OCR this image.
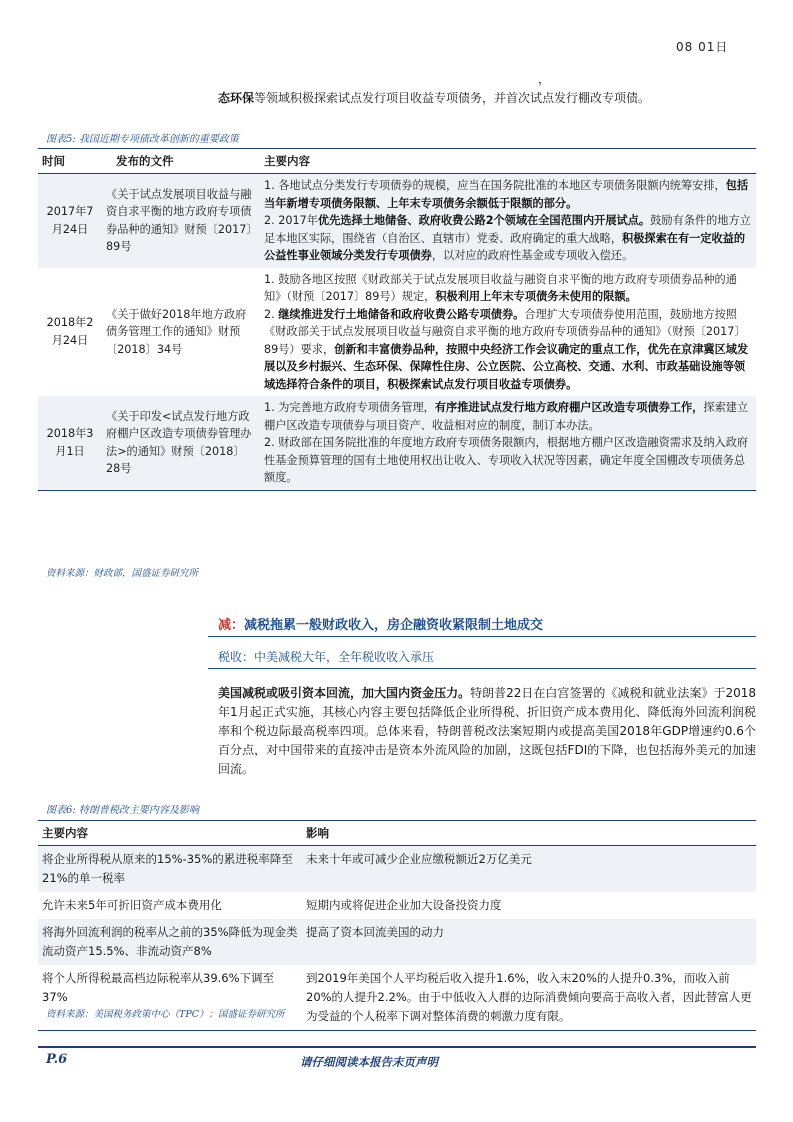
08 01日
，
态环保等领域积极探索试点发行项目收益专项债务，并首次试点发行棚改专项债。
图表5: 我国近期专项债改革创新的重要政策
时间	发布的文件	主要内容
2017年7月24日	《关于试点发展项目收益与融资自求平衡的地方政府专项债券品种的通知》财预〔2017〕89号	1. 各地试点分类发行专项债券的规模，应当在国务院批准的本地区专项债务限额内统筹安排，包括当年新增专项债务限额、上年末专项债务余额低于限额的部分。
2. 2017年优先选择土地储备、政府收费公路2个领域在全国范围内开展试点。鼓励有条件的地方立足本地区实际，围绕省（自治区、直辖市）党委、政府确定的重大战略，积极探索在有一定收益的公益性事业领域分类发行专项债券，以对应的政府性基金或专项收入偿还。
2018年2月24日	《关于做好2018年地方政府债务管理工作的通知》财预〔2018〕34号	1. 鼓励各地区按照《财政部关于试点发展项目收益与融资自求平衡的地方政府专项债券品种的通知》（财预〔2017〕89号）规定，积极利用上年末专项债务未使用的限额。
2. 继续推进发行土地储备和政府收费公路专项债券。合理扩大专项债券使用范围，鼓励地方按照《财政部关于试点发展项目收益与融资自求平衡的地方政府专项债券品种的通知》（财预〔2017〕89号）要求，创新和丰富债券品种，按照中央经济工作会议确定的重点工作，优先在京津冀区域发展以及乡村振兴、生态环保、保障性住房、公立医院、公立高校、交通、水利、市政基础设施等领域选择符合条件的项目，积极探索试点发行项目收益专项债券。
2018年3月1日	《关于印发<试点发行地方政府棚户区改造专项债券管理办法>的通知》财预〔2018〕28号	1. 为完善地方政府专项债务管理，有序推进试点发行地方政府棚户区改造专项债券工作，探索建立棚户区改造专项债券与项目资产、收益相对应的制度，制订本办法。
2. 财政部在国务院批准的年度地方政府专项债务限额内，根据地方棚户区改造融资需求及纳入政府性基金预算管理的国有土地使用权出让收入、专项收入状况等因素，确定年度全国棚改专项债务总额度。
资料来源：财政部，国盛证券研究所
减：减税拖累一般财政收入，房企融资收紧限制土地成交
税收：中美减税大年，全年税收收入承压
美国减税或吸引资本回流，加大国内资金压力。特朗普22日在白宫签署的《减税和就业法案》于2018年1月起正式实施，其核心内容主要包括降低企业所得税、折旧资产成本费用化、降低海外回流利润税率和个税边际最高税率四项。总体来看，特朗普税改法案短期内或提高美国2018年GDP增速约0.6个百分点，对中国带来的直接冲击是资本外流风险的加剧，这既包括FDI的下降，也包括海外美元的加速回流。
图表6: 特朗普税改主要内容及影响
主要内容	影响
将企业所得税从原来的15%-35%的累进税率降至21%的单一税率	未来十年或可减少企业应缴税额近2万亿美元
允许未来5年可折旧资产成本费用化	短期内或将促进企业加大设备投资力度
将海外回流利润的税率从之前的35%降低为现金类流动资产15.5%、非流动资产8%	提高了资本回流美国的动力
将个人所得税最高档边际税率从39.6%下调至37%	到2019年美国个人平均税后收入提升1.6%，收入末20%的人提升0.3%，而收入前20%的人提升2.2%。由于中低收入人群的边际消费倾向要高于高收入者，因此替富人更为受益的个人税率下调对整体消费的刺激力度有限。
资料来源：美国税务政策中心（TPC）；国盛证券研究所
P.6	请仔细阅读本报告末页声明
